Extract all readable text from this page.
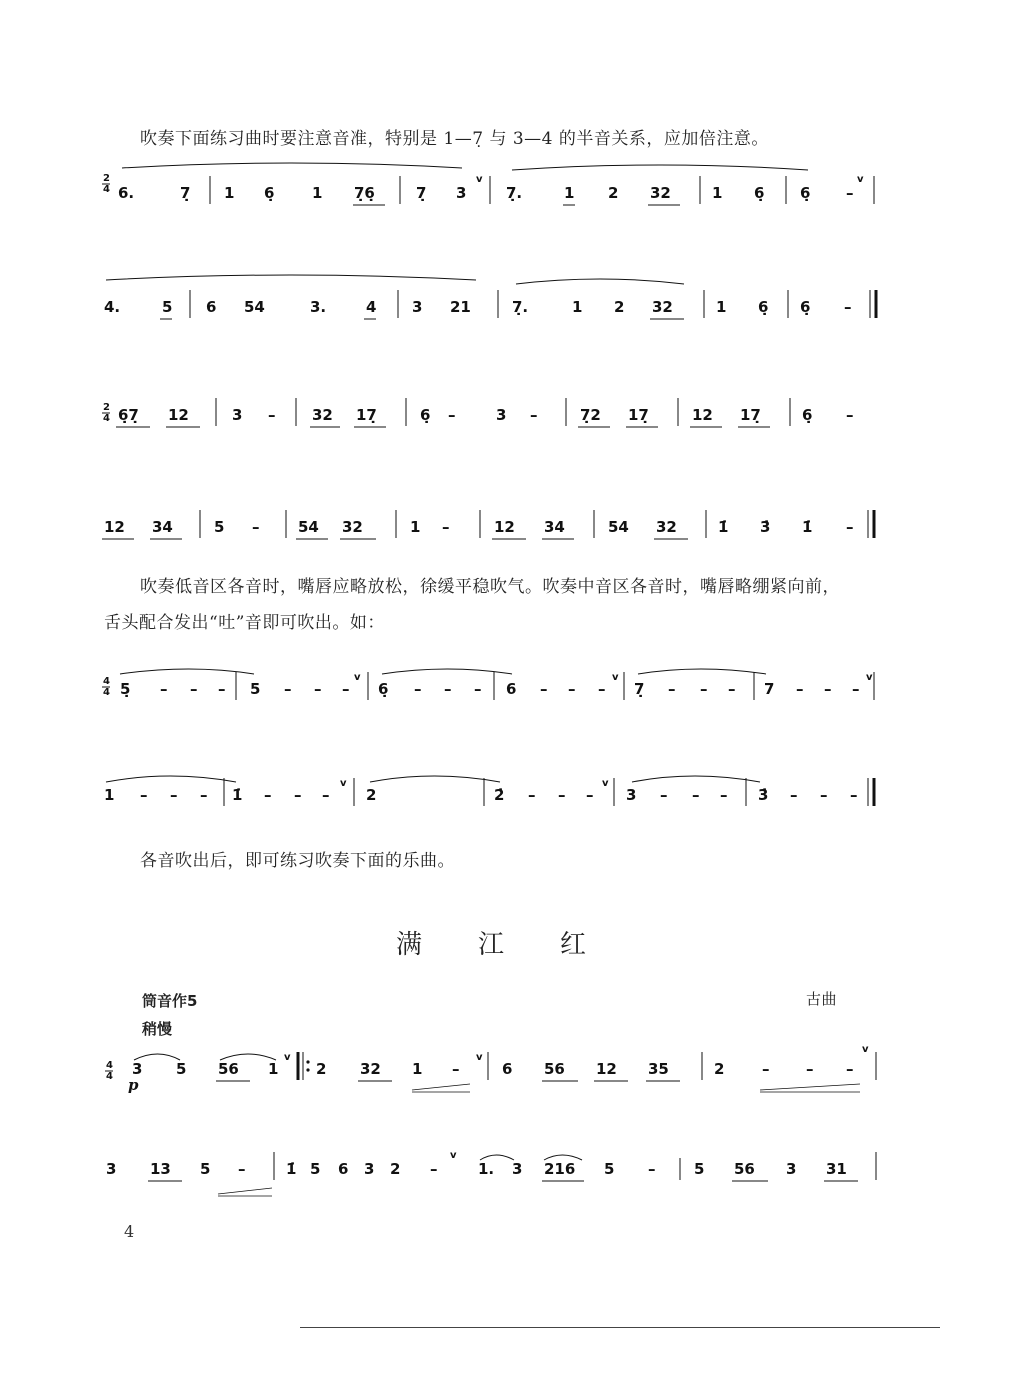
吹奏下面练习曲时要注意音准，特别是 1—7̣ 与 3—4 的半音关系，应加倍注意。
2
4 6.	7̣ 1 6̣	1 7̣6̣	7̣ 3
v
7̣.	1 2 32	1 6̣ 6̣ –
v
4.	5 6 54	3.	4 3 21	7̣.	1 2 32	1 6̣ 6̣ –
2
4 6̣7̣ 12	3 – 32 17̣	6̣ –	3 –	7̣2 17̣	12 17̣	6̣ –
12 34	5 –	54 32	1 –	12 34	54 32	1̇ 3̇ 1̇ –
吹奏低音区各音时，嘴唇应略放松，徐缓平稳吹气。吹奏中音区各音时，嘴唇略绷紧向前，
舌头配合发出“吐”音即可吹出。如：
4
4 5̣ – – – 5 – – –
v
6̣ – – – 6 – – –
v
7̣ – – – 7 – – –
v
1 – – – 1̇ – – –
v
2	2̇ – – –
v
3 – – – 3̇ – – –
各音吹出后，即可练习吹奏下面的乐曲。
满江红
筒音作5
稍慢
古曲
4
4 3
p
5 56 1
v
2 32 1 –
v
6 56 12 35	2	– – –
v
3 13 5 –	1̇ 5 6 3 2 –
v
1. 3 216 5 –	5 56 3 31
4
